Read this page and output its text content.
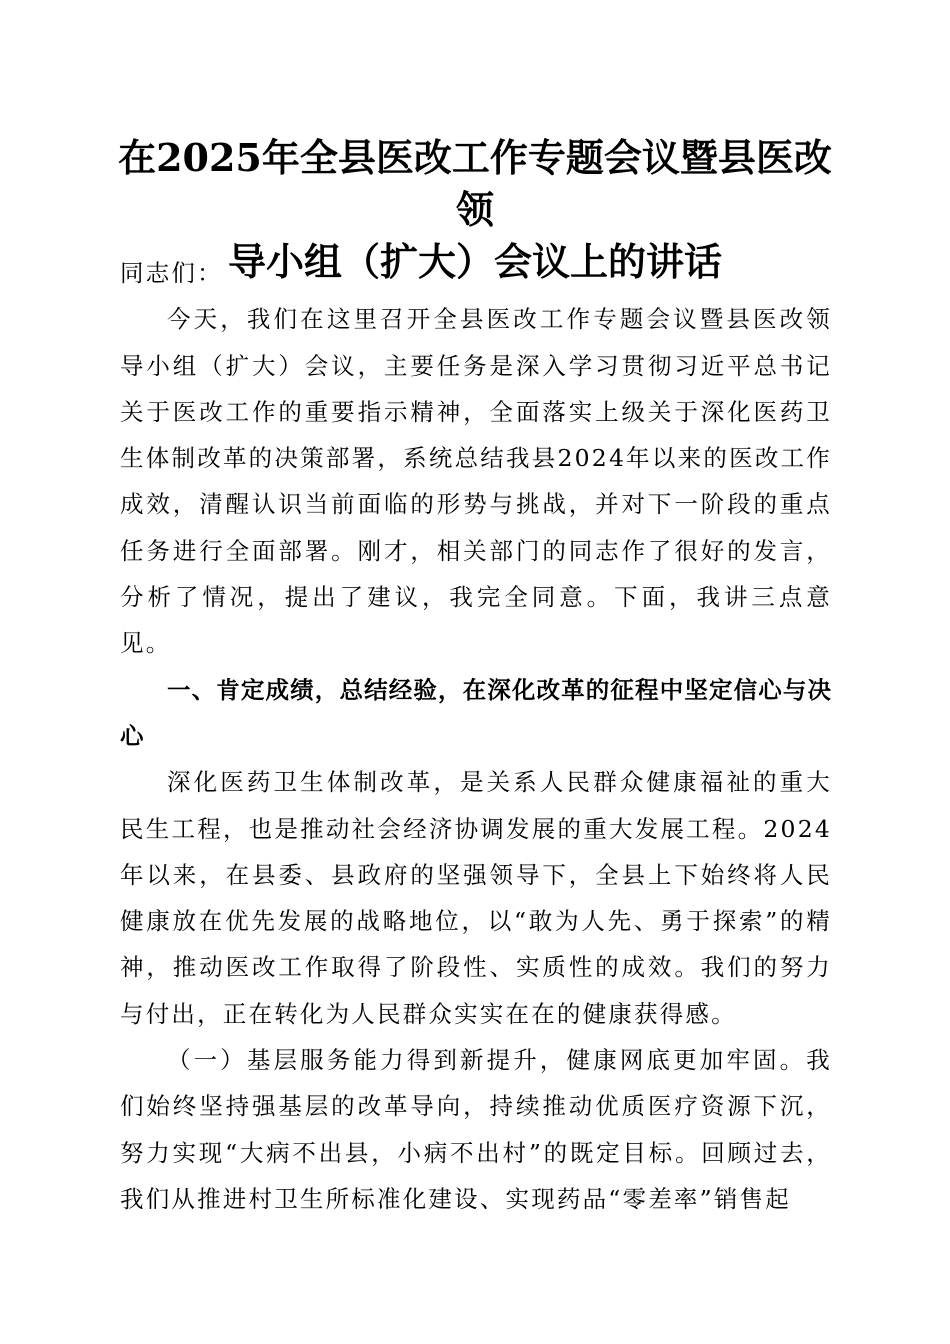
在2025年全县医改工作专题会议暨县医改领
导小组（扩大）会议上的讲话

同志们：

今天，我们在这里召开全县医改工作专题会议暨县医改领导小组（扩大）会议，主要任务是深入学习贯彻习近平总书记关于医改工作的重要指示精神，全面落实上级关于深化医药卫生体制改革的决策部署，系统总结我县2024年以来的医改工作成效，清醒认识当前面临的形势与挑战，并对下一阶段的重点任务进行全面部署。刚才，相关部门的同志作了很好的发言，分析了情况，提出了建议，我完全同意。下面，我讲三点意见。

一、肯定成绩，总结经验，在深化改革的征程中坚定信心与决心

深化医药卫生体制改革，是关系人民群众健康福祉的重大民生工程，也是推动社会经济协调发展的重大发展工程。2024年以来，在县委、县政府的坚强领导下，全县上下始终将人民健康放在优先发展的战略地位，以“敢为人先、勇于探索”的精神，推动医改工作取得了阶段性、实质性的成效。我们的努力与付出，正在转化为人民群众实实在在的健康获得感。

（一）基层服务能力得到新提升，健康网底更加牢固。我们始终坚持强基层的改革导向，持续推动优质医疗资源下沉，努力实现“大病不出县，小病不出村”的既定目标。回顾过去，我们从推进村卫生所标准化建设、实现药品“零差率”销售起
